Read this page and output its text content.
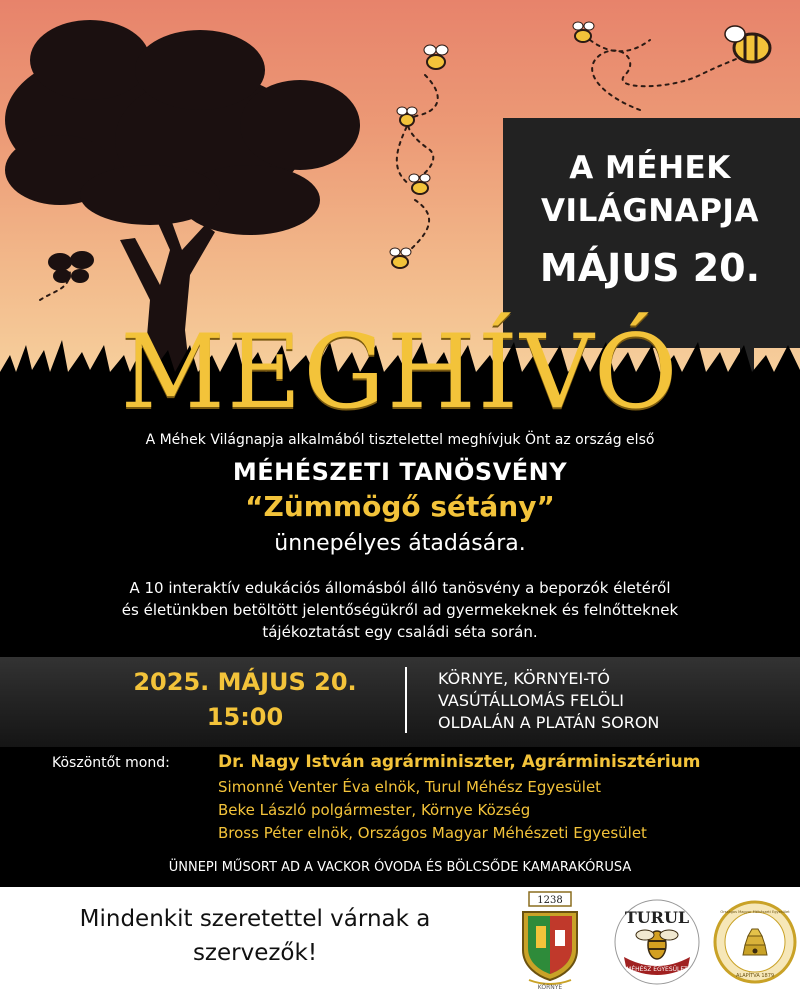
A MÉHEK
VILÁGNAPJA
MÁJUS 20.
MEGHÍVÓ
A Méhek Világnapja alkalmából tisztelettel meghívjuk Önt az ország első
MÉHÉSZETI TANÖSVÉNY
“Zümmögő sétány”
ünnepélyes átadására.
A 10 interaktív edukációs állomásból álló tanösvény a beporzók életéről
és életünkben betöltött jelentőségükről ad gyermekeknek és felnőtteknek
tájékoztatást egy családi séta során.
2025. MÁJUS 20.
15:00
KÖRNYE, KÖRNYEI-TÓ
VASÚTÁLLOMÁS FELÖLI
OLDALÁN A PLATÁN SORON
Köszöntőt mond:	Dr. Nagy István agrárminiszter, Agrárminisztérium
Simonné Venter Éva elnök, Turul Méhész Egyesület
Beke László polgármester, Környe Község
Bross Péter elnök, Országos Magyar Méhészeti Egyesület
ÜNNEPI MŰSORT AD A VACKOR ÓVODA ÉS BÖLCSŐDE KAMARAKÓRUSA
Mindenkit szeretettel várnak a
szervezők!
1238
KÖRNYE
TURUL
MÉHÉSZ EGYESÜLET
Országos Magyar Méhészeti Egyesület
ALAPÍTVA 1879
